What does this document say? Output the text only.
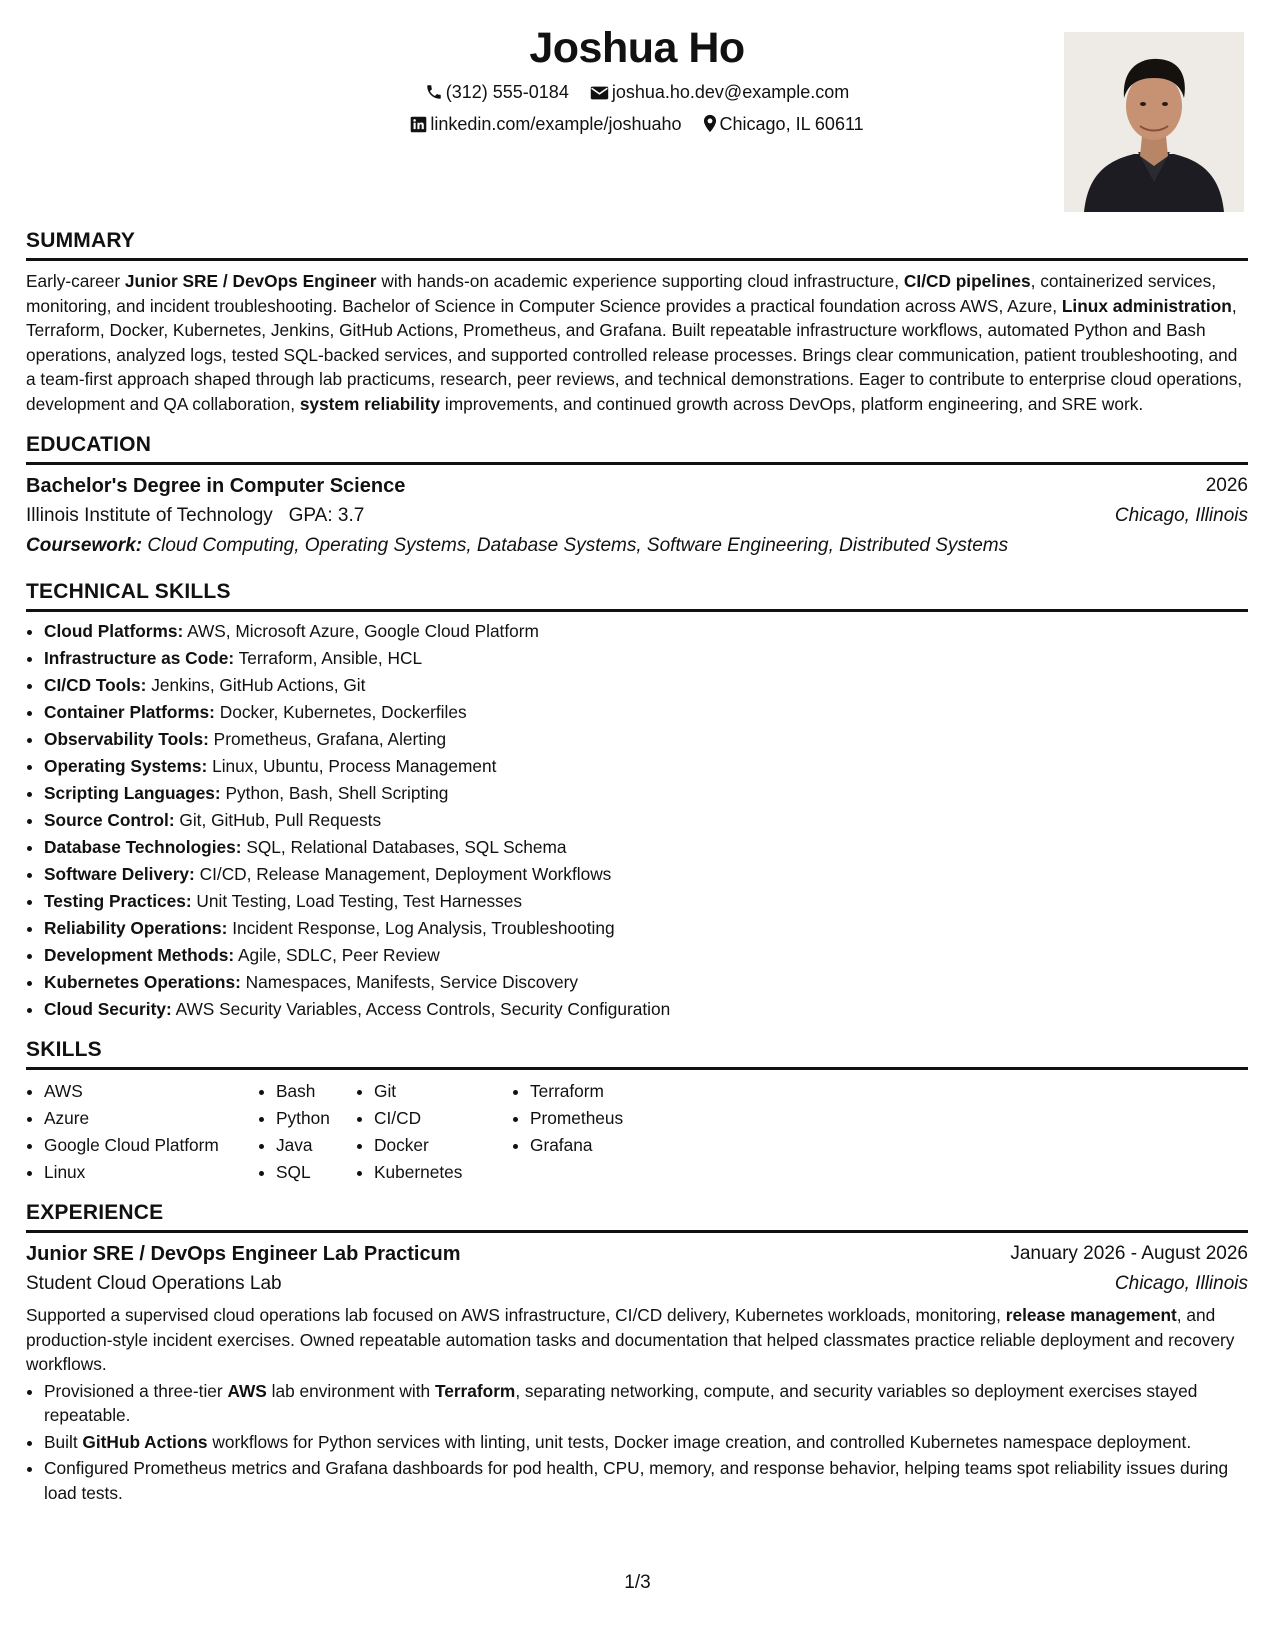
Joshua Ho
(312) 555-0184 joshua.ho.dev@example.com
linkedin.com/example/joshuaho Chicago, IL 60611
SUMMARY

Early-career Junior SRE / DevOps Engineer with hands-on academic experience supporting cloud infrastructure, CI/CD pipelines, containerized services, monitoring, and incident troubleshooting. Bachelor of Science in Computer Science provides a practical foundation across AWS, Azure, Linux administration, Terraform, Docker, Kubernetes, Jenkins, GitHub Actions, Prometheus, and Grafana. Built repeatable infrastructure workflows, automated Python and Bash operations, analyzed logs, tested SQL-backed services, and supported controlled release processes. Brings clear communication, patient troubleshooting, and a team-first approach shaped through lab practicums, research, peer reviews, and technical demonstrations. Eager to contribute to enterprise cloud operations, development and QA collaboration, system reliability improvements, and continued growth across DevOps, platform engineering, and SRE work.

EDUCATION
Bachelor's Degree in Computer Science	2026
Illinois Institute of Technology GPA: 3.7	Chicago, Illinois
Coursework: Cloud Computing, Operating Systems, Database Systems, Software Engineering, Distributed Systems
TECHNICAL SKILLS
• Cloud Platforms: AWS, Microsoft Azure, Google Cloud Platform
• Infrastructure as Code: Terraform, Ansible, HCL
• CI/CD Tools: Jenkins, GitHub Actions, Git
• Container Platforms: Docker, Kubernetes, Dockerfiles
• Observability Tools: Prometheus, Grafana, Alerting
• Operating Systems: Linux, Ubuntu, Process Management
• Scripting Languages: Python, Bash, Shell Scripting
• Source Control: Git, GitHub, Pull Requests
• Database Technologies: SQL, Relational Databases, SQL Schema
• Software Delivery: CI/CD, Release Management, Deployment Workflows
• Testing Practices: Unit Testing, Load Testing, Test Harnesses
• Reliability Operations: Incident Response, Log Analysis, Troubleshooting
• Development Methods: Agile, SDLC, Peer Review
• Kubernetes Operations: Namespaces, Manifests, Service Discovery
• Cloud Security: AWS Security Variables, Access Controls, Security Configuration
SKILLS
• AWS
• Azure
• Google Cloud Platform
• Linux
• Bash
• Python
• Java
• SQL
• Git
• CI/CD
• Docker
• Kubernetes
• Terraform
• Prometheus
• Grafana
EXPERIENCE
Junior SRE / DevOps Engineer Lab Practicum	January 2026 - August 2026
Student Cloud Operations Lab	Chicago, Illinois

Supported a supervised cloud operations lab focused on AWS infrastructure, CI/CD delivery, Kubernetes workloads, monitoring, release management, and production-style incident exercises. Owned repeatable automation tasks and documentation that helped classmates practice reliable deployment and recovery workflows.

• Provisioned a three-tier AWS lab environment with Terraform, separating networking, compute, and security variables so deployment exercises stayed repeatable.
• Built GitHub Actions workflows for Python services with linting, unit tests, Docker image creation, and controlled Kubernetes namespace deployment.
• Configured Prometheus metrics and Grafana dashboards for pod health, CPU, memory, and response behavior, helping teams spot reliability issues during load tests.
1/3
